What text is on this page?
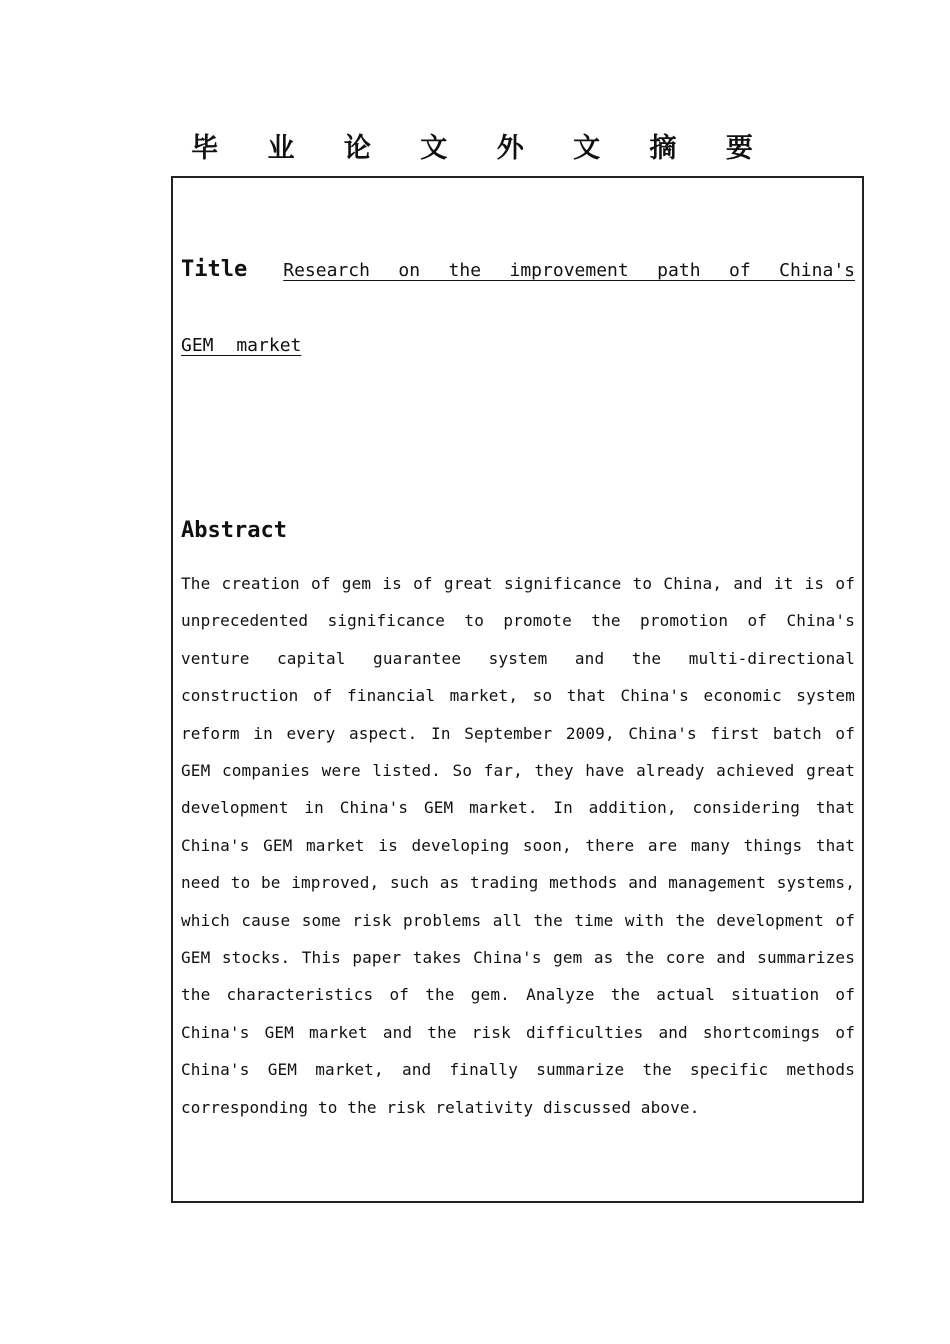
毕 业 论 文 外 文 摘 要
Title Research on the improvement path of China's GEM market
Abstract

The creation of gem is of great significance to China, and it is of unprecedented significance to promote the promotion of China's venture capital guarantee system and the multi-directional construction of financial market, so that China's economic system reform in every aspect. In September 2009, China's first batch of GEM companies were listed. So far, they have already achieved great development in China's GEM market. In addition, considering that China's GEM market is developing soon, there are many things that need to be improved, such as trading methods and management systems, which cause some risk problems all the time with the development of GEM stocks. This paper takes China's gem as the core and summarizes the characteristics of the gem. Analyze the actual situation of China's GEM market and the risk difficulties and shortcomings of China's GEM market, and finally summarize the specific methods corresponding to the risk relativity discussed above.
